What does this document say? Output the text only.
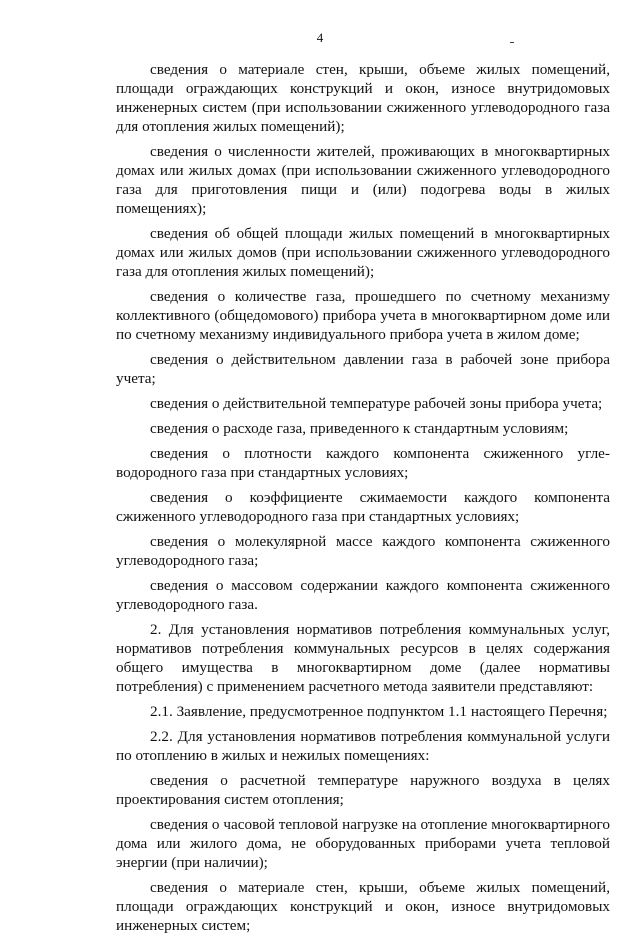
4

сведения о материале стен, крыши, объеме жилых помещений, площади ограждающих конструкций и окон, износе внутридомовых инженерных систем (при использовании сжиженного углеводородного газа для отопления жилых помещений);

сведения о численности жителей, проживающих в многоквартирных домах или жилых домах (при использовании сжиженного углеводородного газа для приготовления пищи и (или) подогрева воды в жилых помещениях);

сведения об общей площади жилых помещений в многоквартирных домах или жилых домов (при использовании сжиженного углеводородного газа для отопления жилых помещений);

сведения о количестве газа, прошедшего по счетному механизму коллективного (общедомового) прибора учета в многоквартирном доме или по счетному механизму индивидуального прибора учета в жилом доме;

сведения о действительном давлении газа в рабочей зоне прибора учета;

сведения о действительной температуре рабочей зоны прибора учета;

сведения о расходе газа, приведенного к стандартным условиям;

сведения о плотности каждого компонента сжиженного угле- водородного газа при стандартных условиях;

сведения о коэффициенте сжимаемости каждого компонента сжиженного углеводородного газа при стандартных условиях;

сведения о молекулярной массе каждого компонента сжиженного углеводородного газа;

сведения о массовом содержании каждого компонента сжиженного углеводородного газа.

2. Для установления нормативов потребления коммунальных услуг, нормативов потребления коммунальных ресурсов в целях содержания общего имущества в многоквартирном доме (далее нормативы потребления) с применением расчетного метода заявители представляют:

2.1. Заявление, предусмотренное подпунктом 1.1 настоящего Перечня;

2.2. Для установления нормативов потребления коммунальной услуги по отоплению в жилых и нежилых помещениях:

сведения о расчетной температуре наружного воздуха в целях проектирования систем отопления;

сведения о часовой тепловой нагрузке на отопление многоквартирного дома или жилого дома, не оборудованных приборами учета тепловой энергии (при наличии);

сведения о материале стен, крыши, объеме жилых помещений, площади ограждающих конструкций и окон, износе внутридомовых инженерных систем;
